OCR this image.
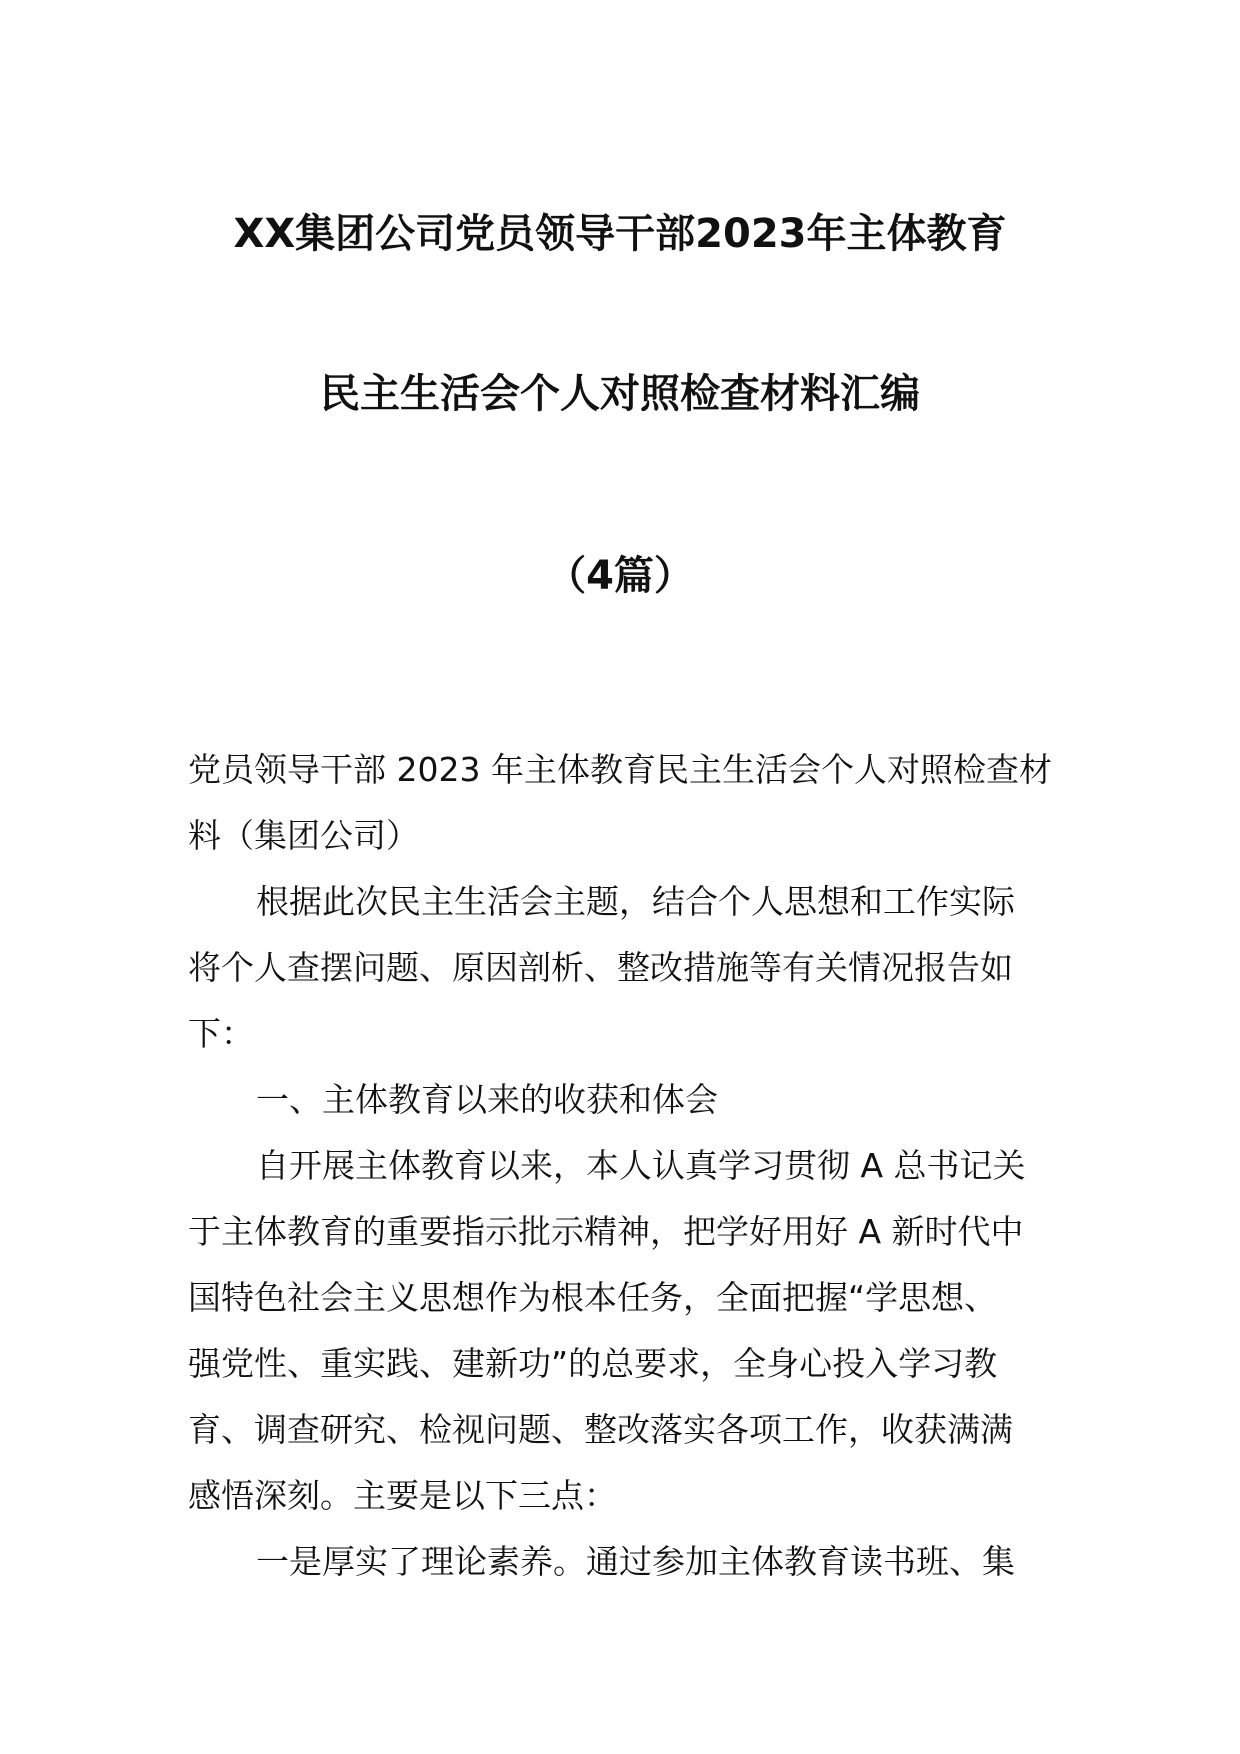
XX集团公司党员领导干部2023年主体教育
民主生活会个人对照检查材料汇编
（4篇）
党员领导干部 2023 年主体教育民主生活会个人对照检查材
料（集团公司）
根据此次民主生活会主题，结合个人思想和工作实际
将个人查摆问题、原因剖析、整改措施等有关情况报告如
下：
一、主体教育以来的收获和体会
自开展主体教育以来，本人认真学习贯彻 A 总书记关
于主体教育的重要指示批示精神，把学好用好 A 新时代中
国特色社会主义思想作为根本任务，全面把握“学思想、
强党性、重实践、建新功”的总要求，全身心投入学习教
育、调查研究、检视问题、整改落实各项工作，收获满满
感悟深刻。主要是以下三点：
一是厚实了理论素养。通过参加主体教育读书班、集
